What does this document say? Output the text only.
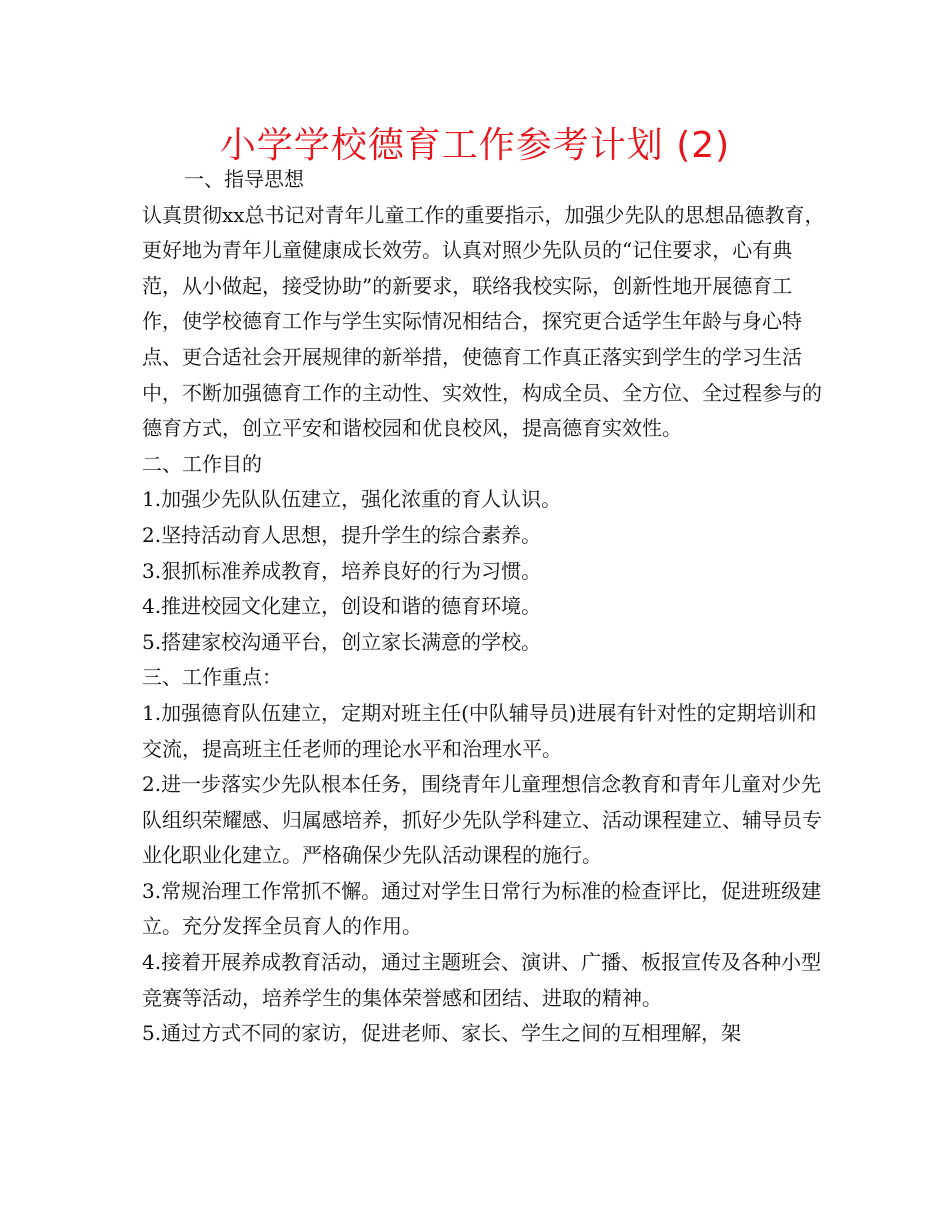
小学学校德育工作参考计划 (2)

一、指导思想

认真贯彻xx总书记对青年儿童工作的重要指示，加强少先队的思想品德教育，更好地为青年儿童健康成长效劳。认真对照少先队员的“记住要求，心有典范，从小做起，接受协助”的新要求，联络我校实际，创新性地开展德育工作，使学校德育工作与学生实际情况相结合，探究更合适学生年龄与身心特点、更合适社会开展规律的新举措，使德育工作真正落实到学生的学习生活中，不断加强德育工作的主动性、实效性，构成全员、全方位、全过程参与的德育方式，创立平安和谐校园和优良校风，提高德育实效性。

二、工作目的

1.加强少先队队伍建立，强化浓重的育人认识。

2.坚持活动育人思想，提升学生的综合素养。

3.狠抓标准养成教育，培养良好的行为习惯。

4.推进校园文化建立，创设和谐的德育环境。

5.搭建家校沟通平台，创立家长满意的学校。

三、工作重点：

1.加强德育队伍建立，定期对班主任(中队辅导员)进展有针对性的定期培训和交流，提高班主任老师的理论水平和治理水平。

2.进一步落实少先队根本任务，围绕青年儿童理想信念教育和青年儿童对少先队组织荣耀感、归属感培养，抓好少先队学科建立、活动课程建立、辅导员专业化职业化建立。严格确保少先队活动课程的施行。

3.常规治理工作常抓不懈。通过对学生日常行为标准的检查评比，促进班级建立。充分发挥全员育人的作用。

4.接着开展养成教育活动，通过主题班会、演讲、广播、板报宣传及各种小型竞赛等活动，培养学生的集体荣誉感和团结、进取的精神。

5.通过方式不同的家访，促进老师、家长、学生之间的互相理解，架
